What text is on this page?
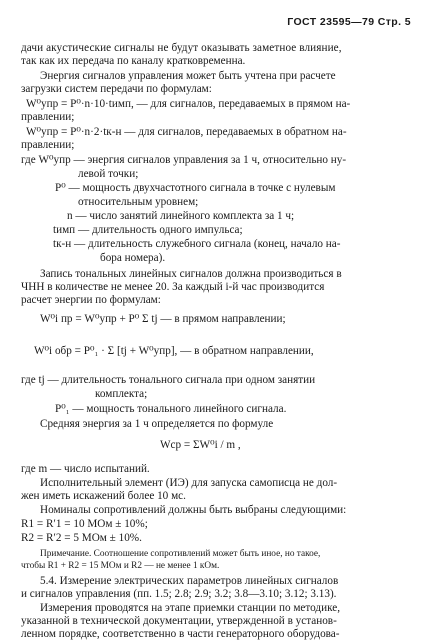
ГОСТ 23595—79 Стр. 5
дачи акустические сигналы не будут оказывать заметное влияние,
так как их передача по каналу кратковременна.
Энергия сигналов управления может быть учтена при расчете
загрузки систем передачи по формулам:
W⁰упр = P⁰·n·10·tимп, — для сигналов, передаваемых в прямом на-
правлении;
W⁰упр = P⁰·n·2·tк-н — для сигналов, передаваемых в обратном на-
правлении;
где W⁰упр — энергия сигналов управления за 1 ч, относительно ну-
левой точки;
P⁰ — мощность двухчастотного сигнала в точке с нулевым
относительным уровнем;
n — число занятий линейного комплекта за 1 ч;
tимп — длительность одного импульса;
tк-н — длительность служебного сигнала (конец, начало на-
бора номера).
Запись тональных линейных сигналов должна производиться в
ЧНН в количестве не менее 20. За каждый i-й час производится
расчет энергии по формулам:
W⁰i пр = W⁰упр + P⁰ Σ tj — в прямом направлении;
W⁰i обр = P⁰₁ · Σ [tj + W⁰упр], — в обратном направлении,
где tj — длительность тонального сигнала при одном занятии
комплекта;
P⁰₁ — мощность тонального линейного сигнала.
Средняя энергия за 1 ч определяется по формуле
Wср = ΣW⁰i / m ,
где m — число испытаний.
Исполнительный элемент (ИЭ) для запуска самописца не дол-
жен иметь искажений более 10 мс.
Номиналы сопротивлений должны быть выбраны следующими:
R1 = R′1 = 10 МОм ± 10%;
R2 = R′2 = 5 МОм ± 10%.
Примечание. Соотношение сопротивлений может быть иное, но такое,
чтобы R1 + R2 = 15 МОм и R2 — не менее 1 кОм.
5.4. Измерение электрических параметров линейных сигналов
и сигналов управления (пп. 1.5; 2.8; 2.9; 3.2; 3.8—3.10; 3.12; 3.13).
Измерения проводятся на этапе приемки станции по методике,
указанной в технической документации, утвержденной в установ-
ленном порядке, соответственно в части генераторного оборудова-
